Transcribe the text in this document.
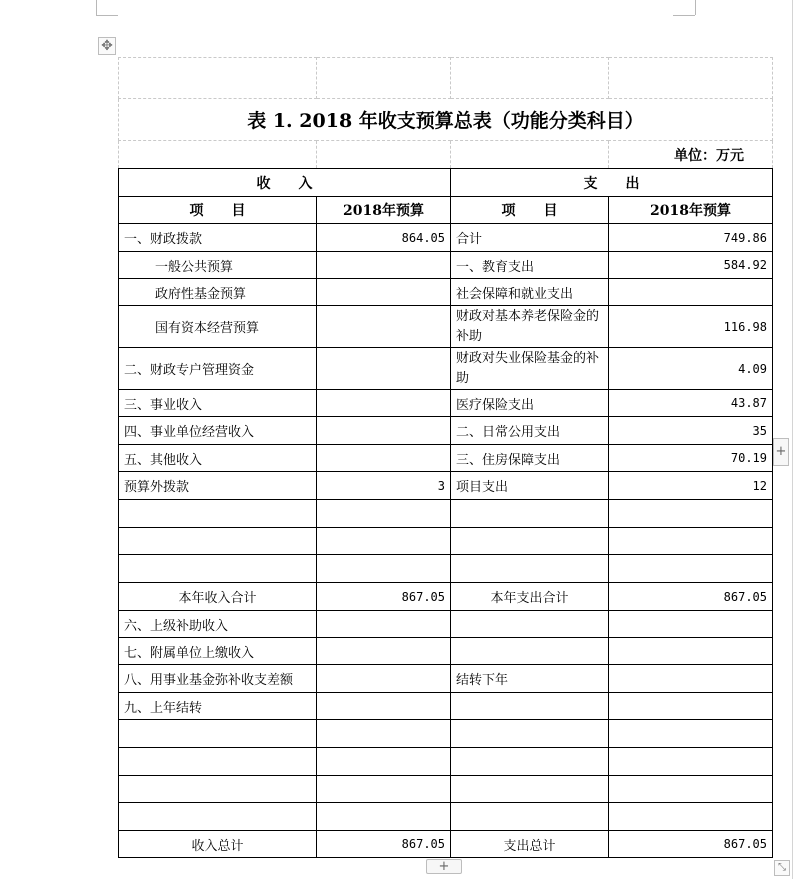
✥

表 1. 2018 年收支预算总表（功能分类科目）			
			单位：万元
收　　入		支　　出	
项　　目	2018年预算	项　　目	2018年预算
一、财政拨款	864.05	合计	749.86
一般公共预算		一、教育支出	584.92
政府性基金预算		社会保障和就业支出	
国有资本经营预算		财政对基本养老保险金的补助	116.98
二、财政专户管理资金		财政对失业保险基金的补助	4.09
三、事业收入		医疗保险支出	43.87
四、事业单位经营收入		二、日常公用支出	35
五、其他收入		三、住房保障支出	70.19
预算外拨款	3	项目支出	12

本年收入合计	867.05	本年支出合计	867.05
六、上级补助收入			
七、附属单位上缴收入			
八、用事业基金弥补收支差额		结转下年	
九、上年结转			

收入总计	867.05	支出总计	867.05
+
+	⤡
